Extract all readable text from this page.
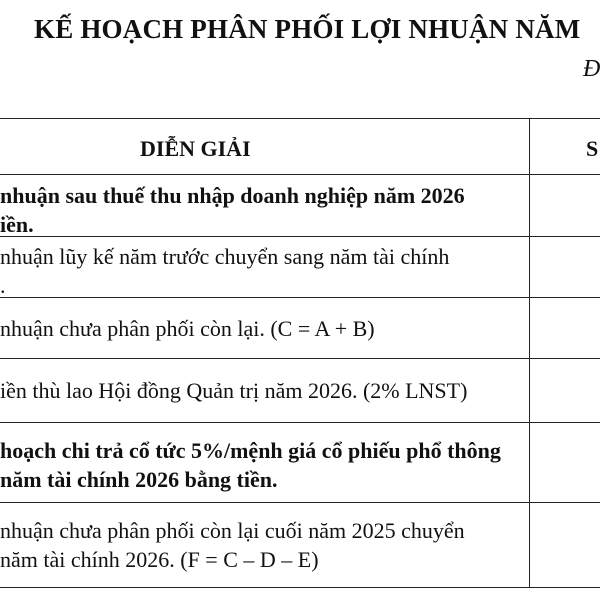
KẾ HOẠCH PHÂN PHỐI LỢI NHUẬN NĂM
Đ
DIỄN GIẢI	S
nhuận sau thuế thu nhập doanh nghiệp năm 2026
iền.
nhuận lũy kế năm trước chuyển sang năm tài chính
.
nhuận chưa phân phối còn lại. (C = A + B)
iền thù lao Hội đồng Quản trị năm 2026. (2% LNST)
hoạch chi trả cổ tức 5%/mệnh giá cổ phiếu phổ thông
năm tài chính 2026 bằng tiền.
nhuận chưa phân phối còn lại cuối năm 2025 chuyển
năm tài chính 2026. (F = C – D – E)
